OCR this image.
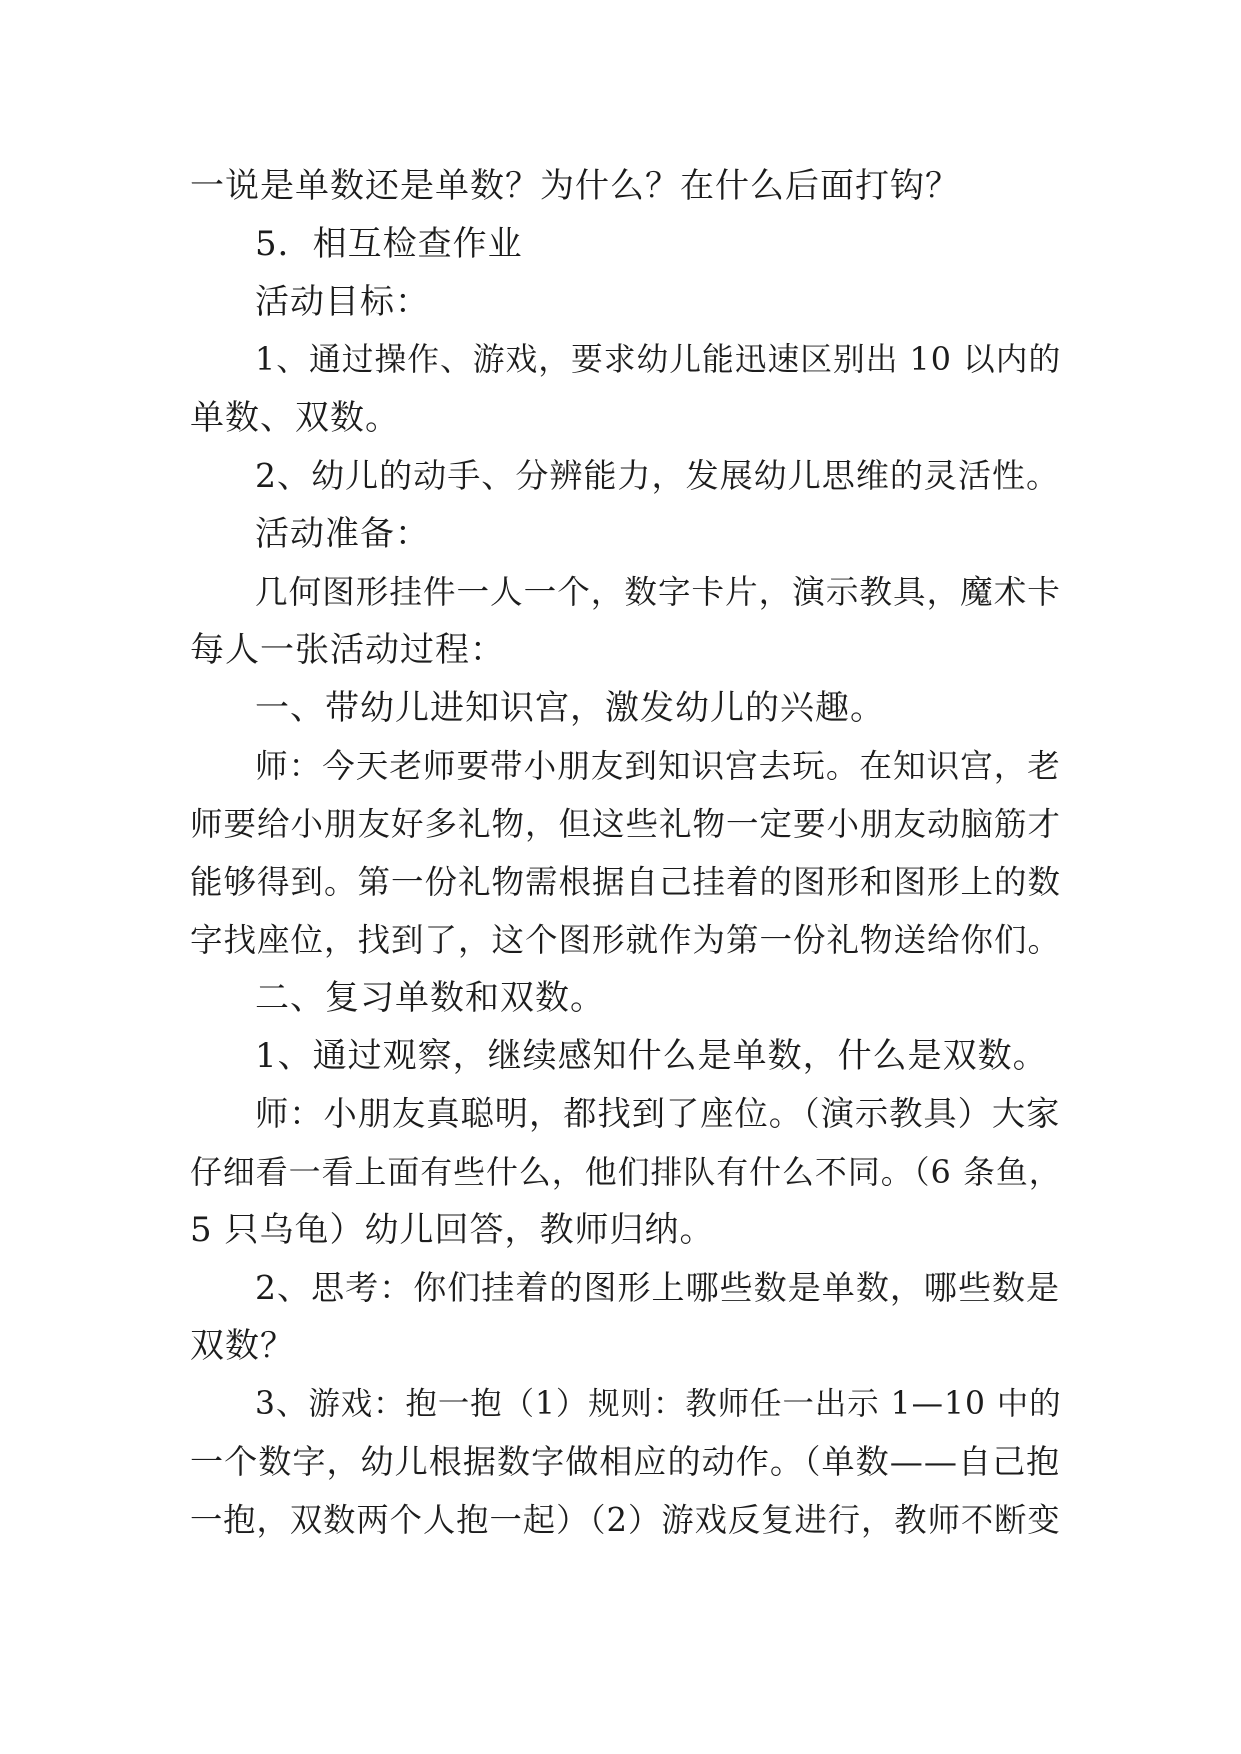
一说是单数还是单数？为什么？在什么后面打钩？
5．相互检查作业
活动目标：
1、通过操作、游戏，要求幼儿能迅速区别出 10 以内的
单数、双数。
2、幼儿的动手、分辨能力，发展幼儿思维的灵活性。
活动准备：
几何图形挂件一人一个，数字卡片，演示教具，魔术卡
每人一张活动过程：
一、带幼儿进知识宫，激发幼儿的兴趣。
师：今天老师要带小朋友到知识宫去玩。在知识宫，老
师要给小朋友好多礼物，但这些礼物一定要小朋友动脑筋才
能够得到。第一份礼物需根据自己挂着的图形和图形上的数
字找座位，找到了，这个图形就作为第一份礼物送给你们。
二、复习单数和双数。
1、通过观察，继续感知什么是单数，什么是双数。
师：小朋友真聪明，都找到了座位。（演示教具）大家
仔细看一看上面有些什么，他们排队有什么不同。（6 条鱼，
5 只乌龟）幼儿回答，教师归纳。
2、思考：你们挂着的图形上哪些数是单数，哪些数是
双数？
3、游戏：抱一抱（1）规则：教师任一出示 1—10 中的
一个数字，幼儿根据数字做相应的动作。（单数——自己抱
一抱，双数两个人抱一起）（2）游戏反复进行，教师不断变
